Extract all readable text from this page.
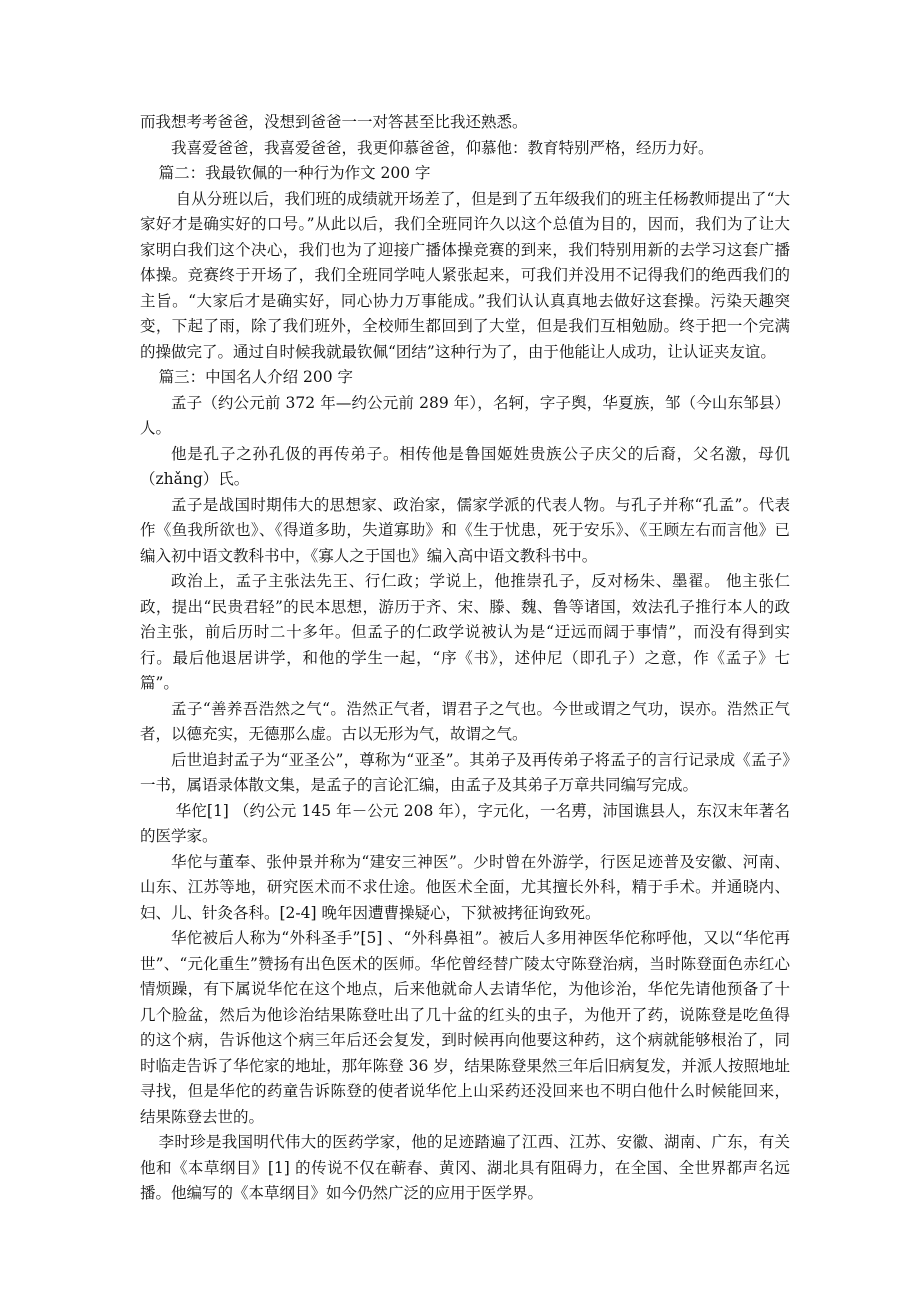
而我想考考爸爸，没想到爸爸一一对答甚至比我还熟悉。

我喜爱爸爸，我喜爱爸爸，我更仰慕爸爸，仰慕他：教育特别严格，经历力好。

篇二：我最钦佩的一种行为作文 200 字

自从分班以后，我们班的成绩就开场差了，但是到了五年级我们的班主任杨教师提出了“大家好才是确实好的口号。”从此以后，我们全班同许久以这个总值为目的，因而，我们为了让大家明白我们这个决心，我们也为了迎接广播体操竞赛的到来，我们特别用新的去学习这套广播体操。竞赛终于开场了，我们全班同学吨人紧张起来，可我们并没用不记得我们的绝西我们的主旨。“大家后才是确实好，同心协力万事能成。”我们认认真真地去做好这套操。污染天趣突变，下起了雨，除了我们班外，全校师生都回到了大堂，但是我们互相勉励。终于把一个完满的操做完了。通过自时候我就最钦佩“团结”这种行为了，由于他能让人成功，让认证夹友谊。

篇三：中国名人介绍 200 字

孟子（约公元前 372 年—约公元前 289 年），名轲，字子舆，华夏族，邹（今山东邹县）人。

他是孔子之孙孔伋的再传弟子。相传他是鲁国姬姓贵族公子庆父的后裔，父名激，母仉（zhǎng）氏。

孟子是战国时期伟大的思想家、政治家，儒家学派的代表人物。与孔子并称“孔孟”。代表作《鱼我所欲也》、《得道多助，失道寡助》和《生于忧患，死于安乐》、《王顾左右而言他》已编入初中语文教科书中，《寡人之于国也》编入高中语文教科书中。

政治上，孟子主张法先王、行仁政；学说上，他推崇孔子，反对杨朱、墨翟。 他主张仁政，提出“民贵君轻”的民本思想，游历于齐、宋、滕、魏、鲁等诸国，效法孔子推行本人的政治主张，前后历时二十多年。但孟子的仁政学说被认为是“迂远而阔于事情”，而没有得到实行。最后他退居讲学，和他的学生一起，“序《书》，述仲尼（即孔子）之意，作《孟子》七篇”。

孟子“善养吾浩然之气“。浩然正气者，谓君子之气也。今世或谓之气功，误亦。浩然正气者，以德充实，无德那么虚。古以无形为气，故谓之气。

后世追封孟子为“亚圣公”，尊称为“亚圣”。其弟子及再传弟子将孟子的言行记录成《孟子》一书，属语录体散文集，是孟子的言论汇编，由孟子及其弟子万章共同编写完成。

华佗[1] （约公元 145 年－公元 208 年），字元化，一名旉，沛国谯县人，东汉末年著名的医学家。

华佗与董奉、张仲景并称为“建安三神医”。少时曾在外游学，行医足迹普及安徽、河南、山东、江苏等地，研究医术而不求仕途。他医术全面，尤其擅长外科，精于手术。并通晓内、妇、儿、针灸各科。[2-4] 晚年因遭曹操疑心，下狱被拷征询致死。

华佗被后人称为“外科圣手”[5] 、“外科鼻祖”。被后人多用神医华佗称呼他，又以“华佗再世”、“元化重生”赞扬有出色医术的医师。华佗曾经替广陵太守陈登治病，当时陈登面色赤红心情烦躁，有下属说华佗在这个地点，后来他就命人去请华佗，为他诊治，华佗先请他预备了十几个脸盆，然后为他诊治结果陈登吐出了几十盆的红头的虫子，为他开了药，说陈登是吃鱼得的这个病，告诉他这个病三年后还会复发，到时候再向他要这种药，这个病就能够根治了，同时临走告诉了华佗家的地址，那年陈登 36 岁，结果陈登果然三年后旧病复发，并派人按照地址寻找，但是华佗的药童告诉陈登的使者说华佗上山采药还没回来也不明白他什么时候能回来，结果陈登去世的。

李时珍是我国明代伟大的医药学家，他的足迹踏遍了江西、江苏、安徽、湖南、广东，有关他和《本草纲目》[1] 的传说不仅在蕲春、黄冈、湖北具有阻碍力，在全国、全世界都声名远播。他编写的《本草纲目》如今仍然广泛的应用于医学界。
